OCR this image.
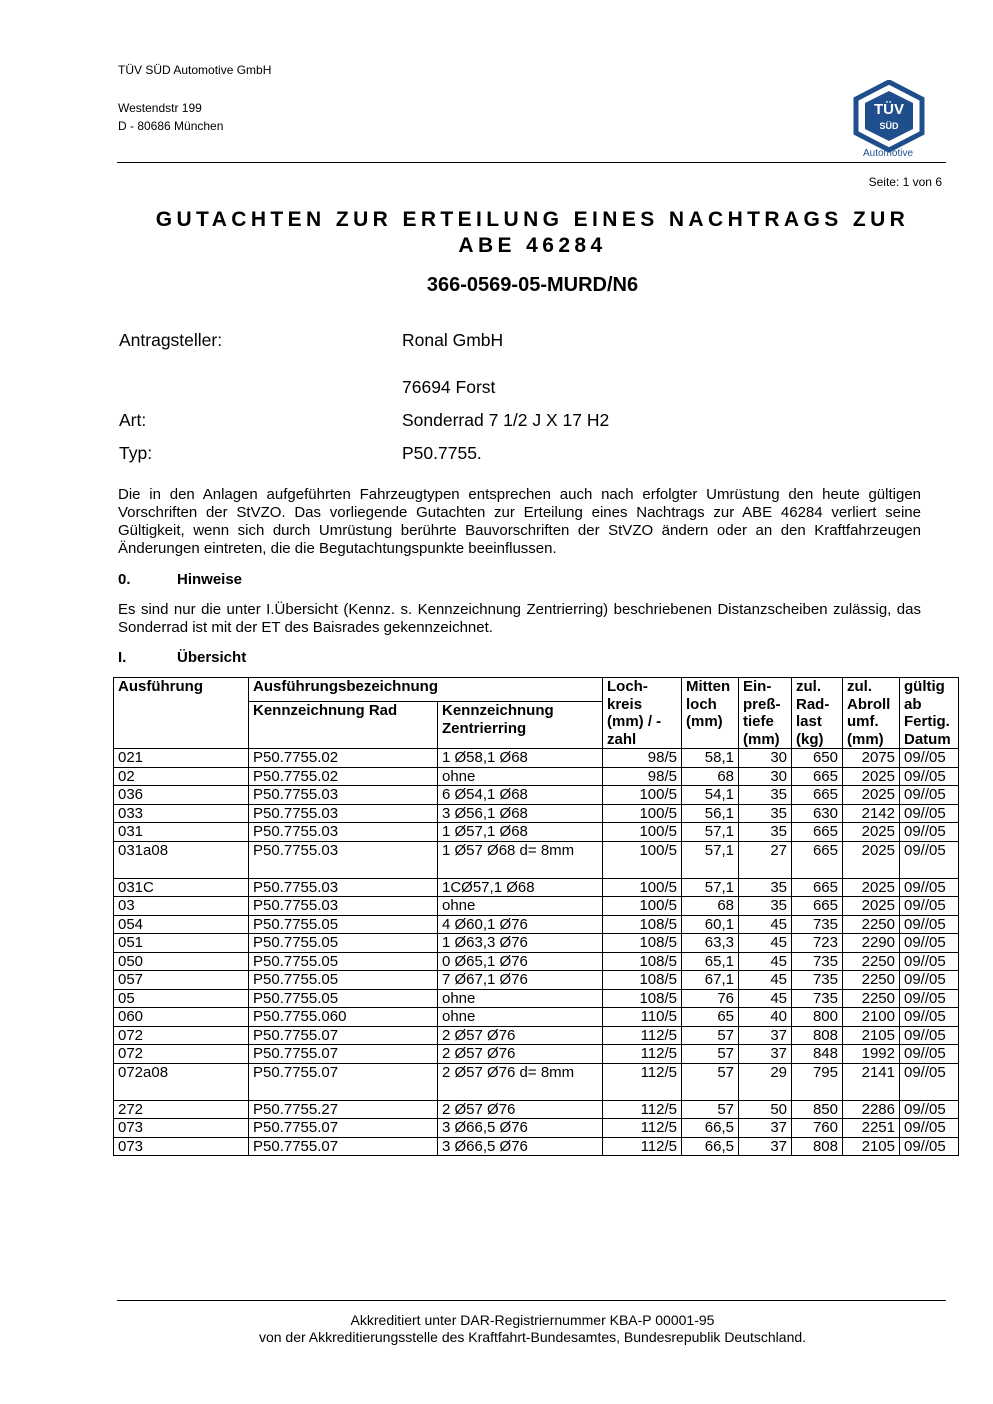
TÜV SÜD Automotive GmbH
Westendstr 199
D - 80686 München
TÜV
SÜD
Automotive
Seite: 1 von 6
GUTACHTEN ZUR ERTEILUNG EINES NACHTRAGS ZUR
ABE 46284
366-0569-05-MURD/N6
Antragsteller:	Ronal GmbH
76694 Forst
Art:	Sonderrad 7 1/2 J X 17 H2
Typ:	P50.7755.
Die in den Anlagen aufgeführten Fahrzeugtypen entsprechen auch nach erfolgter Umrüstung den heute gültigen Vorschriften der StVZO. Das vorliegende Gutachten zur Erteilung eines Nachtrags zur ABE 46284 verliert seine Gültigkeit, wenn sich durch Umrüstung berührte Bauvorschriften der StVZO ändern oder an den Kraftfahrzeugen Änderungen eintreten, die die Begutachtungspunkte beeinflussen.
0.	Hinweise
Es sind nur die unter I.Übersicht (Kennz. s. Kennzeichnung Zentrierring) beschriebenen Distanzscheiben zulässig, das Sonderrad ist mit der ET des Baisrades gekennzeichnet.
I.	Übersicht
Ausführung	Ausführungsbezeichnung		Loch-kreis (mm) / -zahl	Mitten loch (mm)	Ein-preß-tiefe (mm)	zul. Rad-last (kg)	zul. Abroll umf. (mm)	gültig ab Fertig. Datum
	Kennzeichnung Rad	Kennzeichnung Zentrierring						
021	P50.7755.02	1 Ø58,1 Ø68	98/5	58,1	30	650	2075	09//05
02	P50.7755.02	ohne	98/5	68	30	665	2025	09//05
036	P50.7755.03	6 Ø54,1 Ø68	100/5	54,1	35	665	2025	09//05
033	P50.7755.03	3 Ø56,1 Ø68	100/5	56,1	35	630	2142	09//05
031	P50.7755.03	1 Ø57,1 Ø68	100/5	57,1	35	665	2025	09//05
031a08	P50.7755.03	1 Ø57 Ø68 d= 8mm	100/5	57,1	27	665	2025	09//05
031C	P50.7755.03	1CØ57,1 Ø68	100/5	57,1	35	665	2025	09//05
03	P50.7755.03	ohne	100/5	68	35	665	2025	09//05
054	P50.7755.05	4 Ø60,1 Ø76	108/5	60,1	45	735	2250	09//05
051	P50.7755.05	1 Ø63,3 Ø76	108/5	63,3	45	723	2290	09//05
050	P50.7755.05	0 Ø65,1 Ø76	108/5	65,1	45	735	2250	09//05
057	P50.7755.05	7 Ø67,1 Ø76	108/5	67,1	45	735	2250	09//05
05	P50.7755.05	ohne	108/5	76	45	735	2250	09//05
060	P50.7755.060	ohne	110/5	65	40	800	2100	09//05
072	P50.7755.07	2 Ø57 Ø76	112/5	57	37	808	2105	09//05
072	P50.7755.07	2 Ø57 Ø76	112/5	57	37	848	1992	09//05
072a08	P50.7755.07	2 Ø57 Ø76 d= 8mm	112/5	57	29	795	2141	09//05
272	P50.7755.27	2 Ø57 Ø76	112/5	57	50	850	2286	09//05
073	P50.7755.07	3 Ø66,5 Ø76	112/5	66,5	37	760	2251	09//05
073	P50.7755.07	3 Ø66,5 Ø76	112/5	66,5	37	808	2105	09//05
Akkreditiert unter DAR-Registriernummer KBA-P 00001-95
von der Akkreditierungsstelle des Kraftfahrt-Bundesamtes, Bundesrepublik Deutschland.
